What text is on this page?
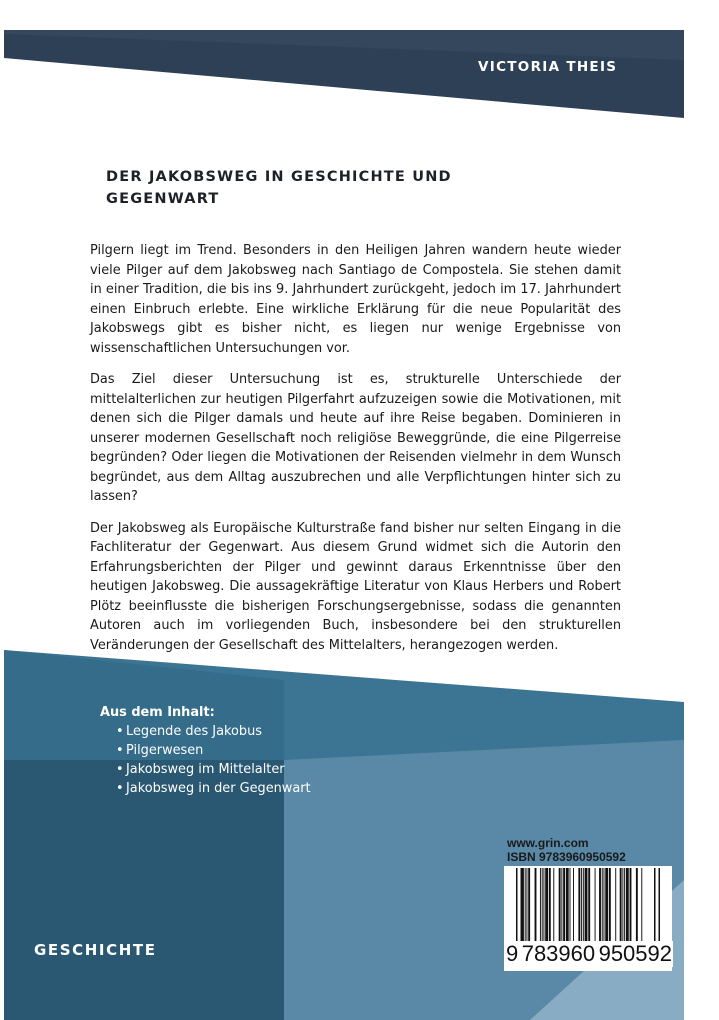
VICTORIA THEIS
DER JAKOBSWEG IN GESCHICHTE UND
GEGENWART

Pilgern liegt im Trend. Besonders in den Heiligen Jahren wandern heute wieder viele Pilger auf dem Jakobsweg nach Santiago de Compostela. Sie stehen damit in einer Tradition, die bis ins 9. Jahrhundert zurückgeht, jedoch im 17. Jahrhundert einen Einbruch erlebte. Eine wirkliche Erklärung für die neue Popularität des Jakobswegs gibt es bisher nicht, es liegen nur wenige Ergebnisse von wissenschaftlichen Untersuchungen vor.

Das Ziel dieser Untersuchung ist es, strukturelle Unterschiede der mittelalterlichen zur heutigen Pilgerfahrt aufzuzeigen sowie die Motivationen, mit denen sich die Pilger damals und heute auf ihre Reise begaben. Dominieren in unserer modernen Gesellschaft noch religiöse Beweggründe, die eine Pilgerreise begründen? Oder liegen die Motivationen der Reisenden vielmehr in dem Wunsch begründet, aus dem Alltag auszubrechen und alle Verpflichtungen hinter sich zu lassen?

Der Jakobsweg als Europäische Kulturstraße fand bisher nur selten Eingang in die Fachliteratur der Gegenwart. Aus diesem Grund widmet sich die Autorin den Erfahrungsberichten der Pilger und gewinnt daraus Erkenntnisse über den heutigen Jakobsweg. Die aussagekräftige Literatur von Klaus Herbers und Robert Plötz beeinflusste die bisherigen Forschungsergebnisse, sodass die genannten Autoren auch im vorliegenden Buch, insbesondere bei den strukturellen Veränderungen der Gesellschaft des Mittelalters, herangezogen werden.

Aus dem Inhalt:
• Legende des Jakobus
• Pilgerwesen
• Jakobsweg im Mittelalter
• Jakobsweg in der Gegenwart
GESCHICHTE
www.grin.com
ISBN 9783960950592
9 783960 950592
